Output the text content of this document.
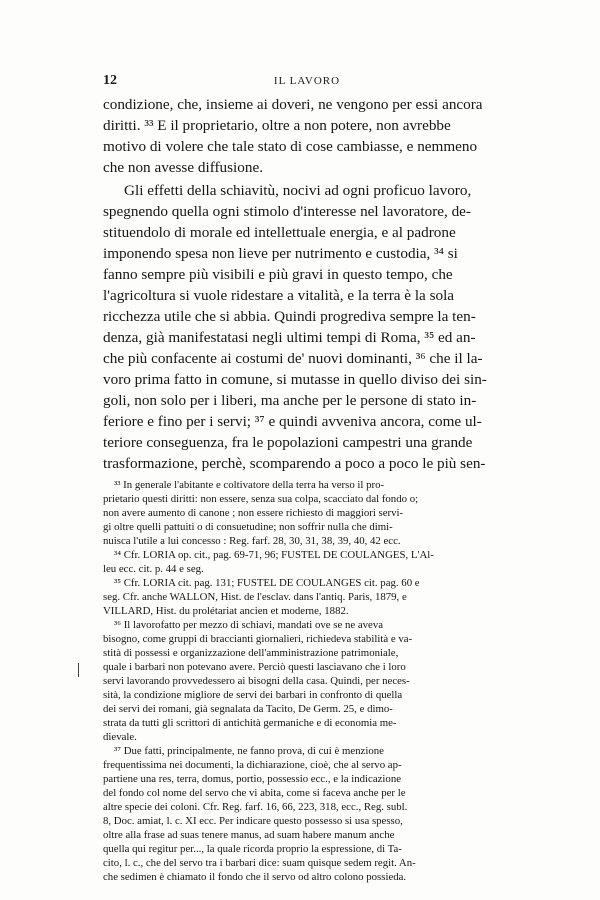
12	IL LAVORO
condizione, che, insieme ai doveri, ne vengono per essi ancora
diritti. ³³ E il proprietario, oltre a non potere, non avrebbe
motivo di volere che tale stato di cose cambiasse, e nemmeno
che non avesse diffusione.
Gli effetti della schiavitù, nocivi ad ogni proficuo lavoro,
spegnendo quella ogni stimolo d'interesse nel lavoratore, de-
stituendolo di morale ed intellettuale energia, e al padrone
imponendo spesa non lieve per nutrimento e custodia, ³⁴ si
fanno sempre più visibili e più gravi in questo tempo, che
l'agricoltura si vuole ridestare a vitalità, e la terra è la sola
ricchezza utile che si abbia. Quindi progrediva sempre la ten-
denza, già manifestatasi negli ultimi tempi di Roma, ³⁵ ed an-
che più confacente ai costumi de' nuovi dominanti, ³⁶ che il la-
voro prima fatto in comune, si mutasse in quello diviso dei sin-
goli, non solo per i liberi, ma anche per le persone di stato in-
feriore e fino per i servi; ³⁷ e quindi avveniva ancora, come ul-
teriore conseguenza, fra le popolazioni campestri una grande
trasformazione, perchè, scomparendo a poco a poco le più sen-
³³ In generale l'abitante e coltivatore della terra ha verso il pro-
prietario questi diritti: non essere, senza sua colpa, scacciato dal fondo o;
non avere aumento di canone ; non essere richiesto di maggiori servi-
gi oltre quelli pattuiti o di consuetudine; non soffrir nulla che dimi-
nuisca l'utile a lui concesso : Reg. farf. 28, 30, 31, 38, 39, 40, 42 ecc.
³⁴ Cfr. LORIA op. cit., pag. 69-71, 96; FUSTEL DE COULANGES, L'Al-
leu ecc. cit. p. 44 e seg.
³⁵ Cfr. LORIA cit. pag. 131; FUSTEL DE COULANGES cit. pag. 60 e
seg. Cfr. anche WALLON, Hist. de l'esclav. dans l'antiq. Paris, 1879, e
VILLARD, Hist. du prolétariat ancien et moderne, 1882.
³⁶ Il lavorofatto per mezzo di schiavi, mandati ove se ne aveva
bisogno, come gruppi di braccianti giornalieri, richiedeva stabilità e va-
stità di possessi e organizzazione dell'amministrazione patrimoniale,
quale i barbari non potevano avere. Perciò questi lasciavano che i loro
servi lavorando provvedessero ai bisogni della casa. Quindi, per neces-
sità, la condizione migliore de servi dei barbari in confronto di quella
dei servi dei romani, già segnalata da Tacito, De Germ. 25, e dimo-
strata da tutti gli scrittori di antichità germaniche e di economia me-
dievale.
³⁷ Due fatti, principalmente, ne fanno prova, di cui è menzione
frequentissima nei documenti, la dichiarazione, cioè, che al servo ap-
partiene una res, terra, domus, portio, possessio ecc., e la indicazione
del fondo col nome del servo che vi abita, come si faceva anche per le
altre specie dei coloni. Cfr. Reg. farf. 16, 66, 223, 318, ecc., Reg. subl.
8, Doc. amiat, l. c. XI ecc. Per indicare questo possesso si usa spesso,
oltre alla frase ad suas tenere manus, ad suam habere manum anche
quella qui regitur per..., la quale ricorda proprio la espressione, di Ta-
cito, l. c., che del servo tra i barbari dice: suam quisque sedem regit. An-
che sedimen è chiamato il fondo che il servo od altro colono possieda.
